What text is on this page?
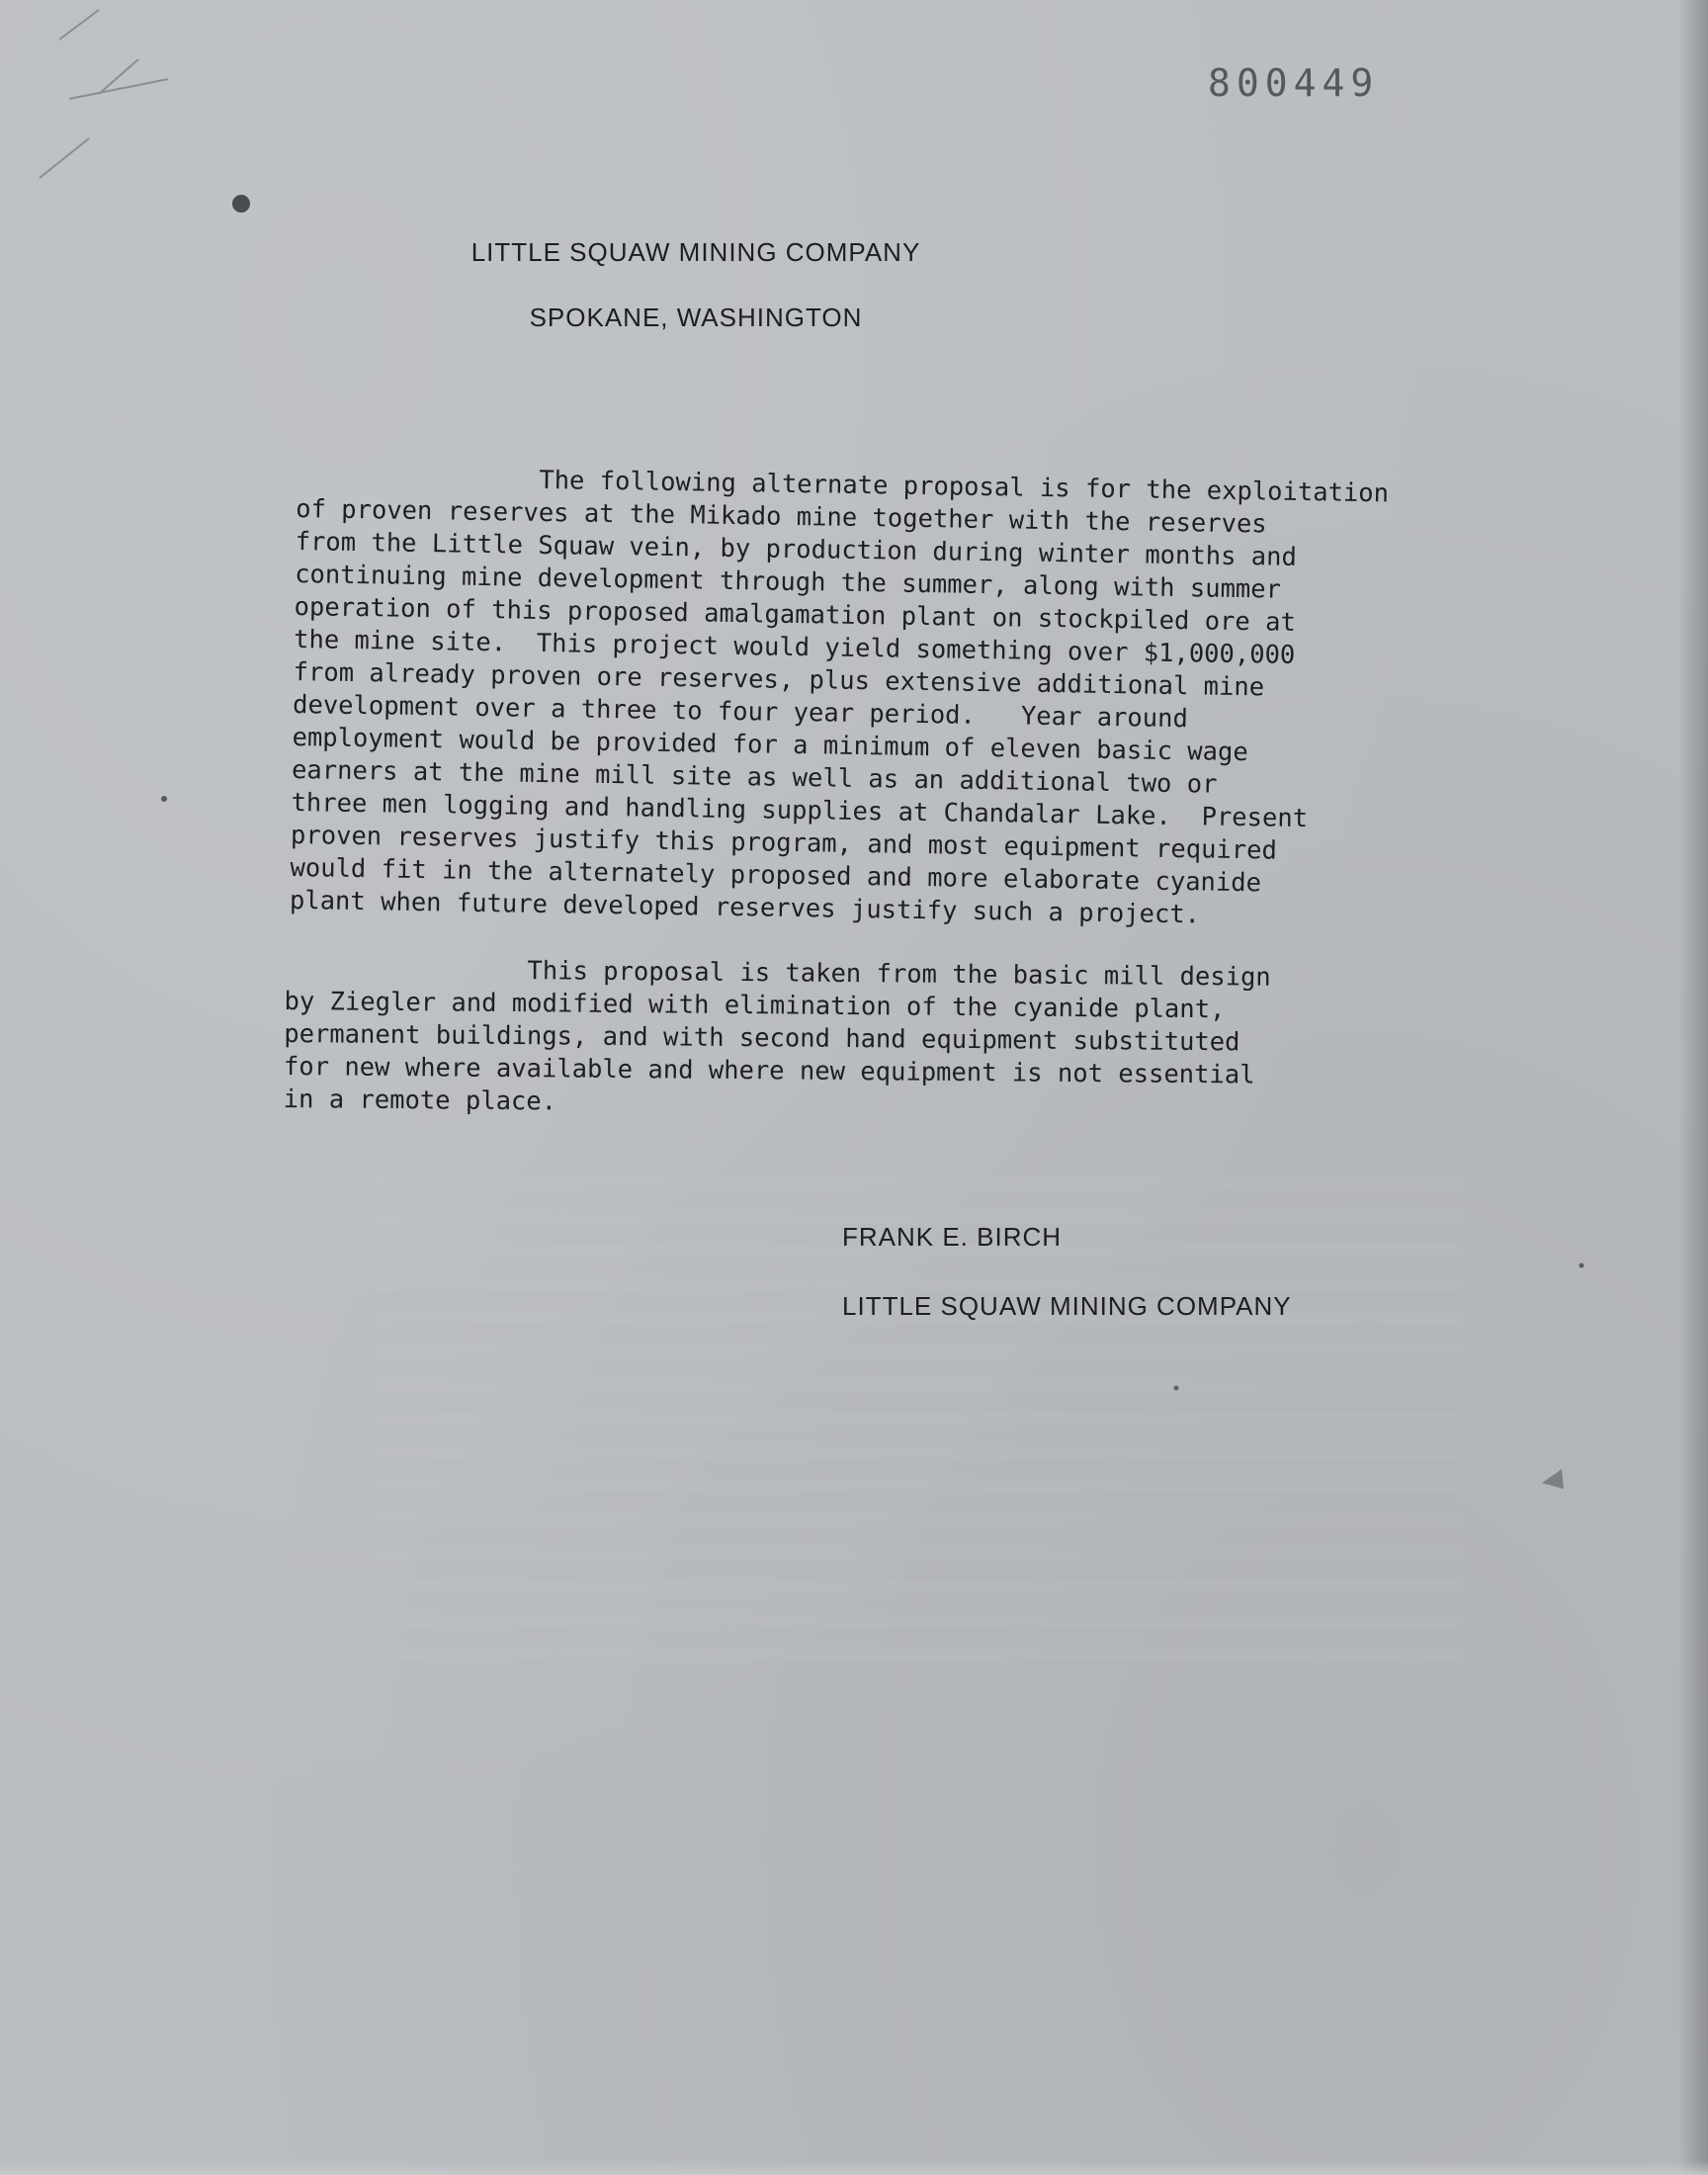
800449
LITTLE SQUAW MINING COMPANY
SPOKANE, WASHINGTON
The following alternate proposal is for the exploitation
of proven reserves at the Mikado mine together with the reserves
from the Little Squaw vein, by production during winter months and
continuing mine development through the summer, along with summer
operation of this proposed amalgamation plant on stockpiled ore at
the mine site.  This project would yield something over $1,000,000
from already proven ore reserves, plus extensive additional mine
development over a three to four year period.   Year around
employment would be provided for a minimum of eleven basic wage
earners at the mine mill site as well as an additional two or
three men logging and handling supplies at Chandalar Lake.  Present
proven reserves justify this program, and most equipment required
would fit in the alternately proposed and more elaborate cyanide
plant when future developed reserves justify such a project.
This proposal is taken from the basic mill design
by Ziegler and modified with elimination of the cyanide plant,
permanent buildings, and with second hand equipment substituted
for new where available and where new equipment is not essential
in a remote place.
FRANK E. BIRCH
LITTLE SQUAW MINING COMPANY
